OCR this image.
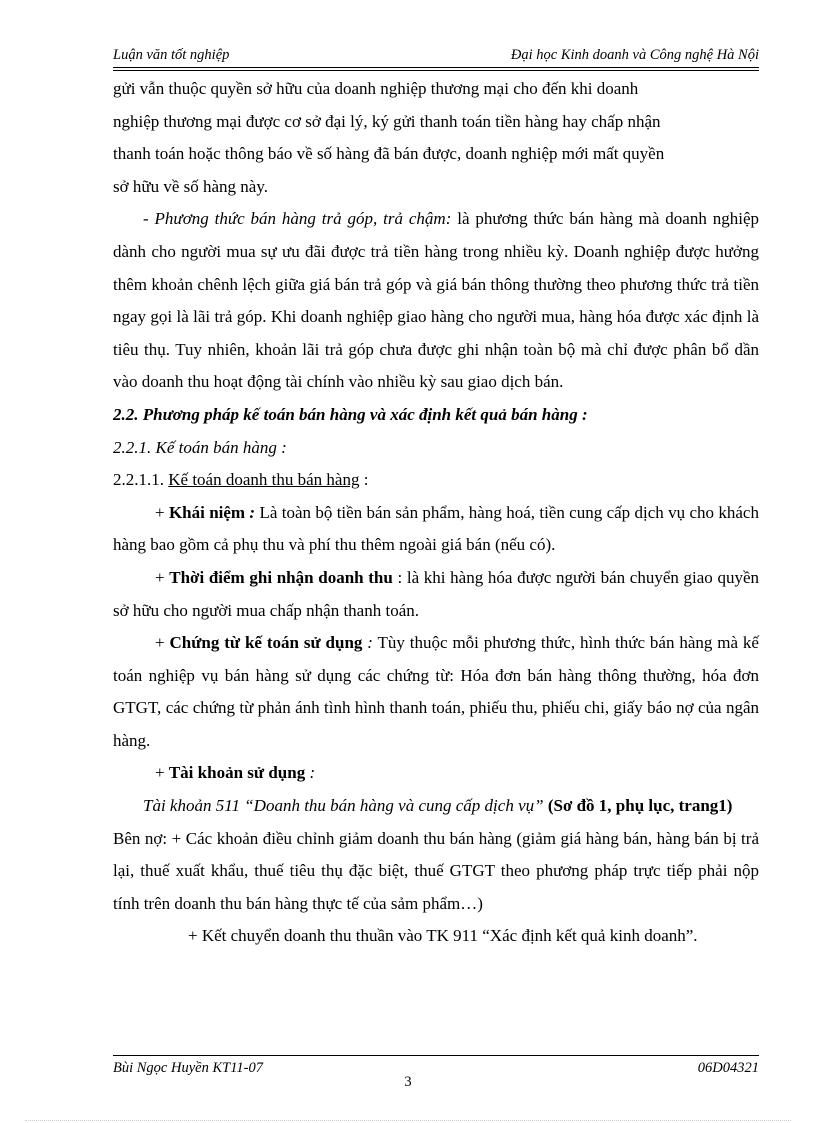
Luận văn tốt nghiệp	Đại học Kinh doanh và Công nghệ Hà Nội

gửi vẫn thuộc quyền sở hữu của doanh nghiệp thương mại cho đến khi doanh

nghiệp thương mại được cơ sở đại lý, ký gửi thanh toán tiền hàng hay chấp nhận

thanh toán hoặc thông báo về số hàng đã bán được, doanh nghiệp mới mất quyền

sở hữu về số hàng này.

- Phương thức bán hàng trả góp, trả chậm: là phương thức bán hàng mà doanh nghiệp dành cho người mua sự ưu đãi được trả tiền hàng trong nhiều kỳ. Doanh nghiệp được hưởng thêm khoản chênh lệch giữa giá bán trả góp và giá bán thông thường theo phương thức trả tiền ngay gọi là lãi trả góp. Khi doanh nghiệp giao hàng cho người mua, hàng hóa được xác định là tiêu thụ. Tuy nhiên, khoản lãi trả góp chưa được ghi nhận toàn bộ mà chỉ được phân bổ dần vào doanh thu hoạt động tài chính vào nhiều kỳ sau giao dịch bán.

2.2. Phương pháp kế toán bán hàng và xác định kết quả bán hàng :

2.2.1. Kế toán bán hàng :

2.2.1.1. Kế toán doanh thu bán hàng :

+ Khái niệm : Là toàn bộ tiền bán sản phẩm, hàng hoá, tiền cung cấp dịch vụ cho khách hàng bao gồm cả phụ thu và phí thu thêm ngoài giá bán (nếu có).

+ Thời điểm ghi nhận doanh thu : là khi hàng hóa được người bán chuyển giao quyền sở hữu cho người mua chấp nhận thanh toán.

+ Chứng từ kế toán sử dụng : Tùy thuộc mỗi phương thức, hình thức bán hàng mà kế toán nghiệp vụ bán hàng sử dụng các chứng từ: Hóa đơn bán hàng thông thường, hóa đơn GTGT, các chứng từ phản ánh tình hình thanh toán, phiếu thu, phiếu chi, giấy báo nợ của ngân hàng.

+ Tài khoản sử dụng :

Tài khoản 511 “Doanh thu bán hàng và cung cấp dịch vụ” (Sơ đồ 1, phụ lục, trang1)

Bên nợ: + Các khoản điều chỉnh giảm doanh thu bán hàng (giảm giá hàng bán, hàng bán bị trả lại, thuế xuất khẩu, thuế tiêu thụ đặc biệt, thuế GTGT theo phương pháp trực tiếp phải nộp tính trên doanh thu bán hàng thực tế của sảm phẩm…)

+ Kết chuyển doanh thu thuần vào TK 911 “Xác định kết quả kinh doanh”.

Bùi Ngọc Huyền KT11-07	06D04321
3
